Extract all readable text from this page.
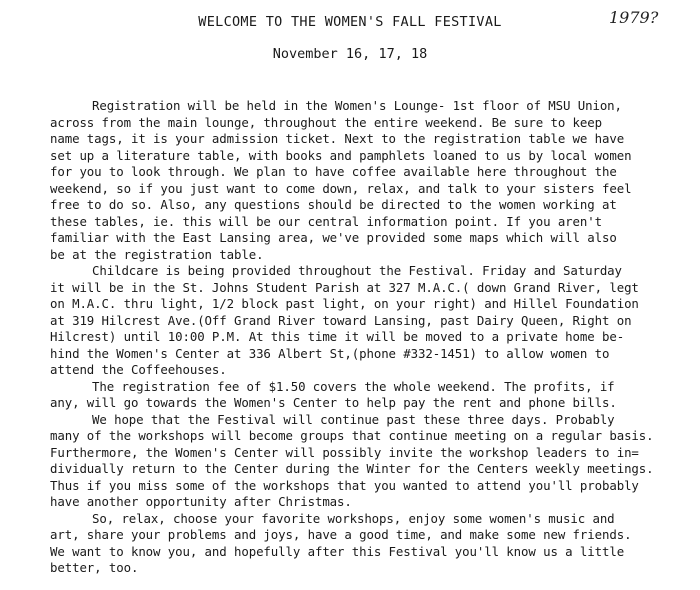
WELCOME TO THE WOMEN'S FALL FESTIVAL	1979?
November 16, 17, 18
Registration will be held in the Women's Lounge- 1st floor of MSU Union,
across from the main lounge, throughout the entire weekend. Be sure to keep
name tags, it is your admission ticket. Next to the registration table we have
set up a literature table, with books and pamphlets loaned to us by local women
for you to look through. We plan to have coffee available here throughout the
weekend, so if you just want to come down, relax, and talk to your sisters feel
free to do so. Also, any questions should be directed to the women working at
these tables, ie. this will be our central information point. If you aren't
familiar with the East Lansing area, we've provided some maps which will also
be at the registration table.
Childcare is being provided throughout the Festival. Friday and Saturday
it will be in the St. Johns Student Parish at 327 M.A.C.( down Grand River, legt
on M.A.C. thru light, 1/2 block past light, on your right) and Hillel Foundation
at 319 Hilcrest Ave.(Off Grand River toward Lansing, past Dairy Queen, Right on
Hilcrest) until 10:00 P.M. At this time it will be moved to a private home be-
hind the Women's Center at 336 Albert St,(phone #332-1451) to allow women to
attend the Coffeehouses.
The registration fee of $1.50 covers the whole weekend. The profits, if
any, will go towards the Women's Center to help pay the rent and phone bills.
We hope that the Festival will continue past these three days. Probably
many of the workshops will become groups that continue meeting on a regular basis.
Furthermore, the Women's Center will possibly invite the workshop leaders to in=
dividually return to the Center during the Winter for the Centers weekly meetings.
Thus if you miss some of the workshops that you wanted to attend you'll probably
have another opportunity after Christmas.
So, relax, choose your favorite workshops, enjoy some women's music and
art, share your problems and joys, have a good time, and make some new friends.
We want to know you, and hopefully after this Festival you'll know us a little
better, too.
